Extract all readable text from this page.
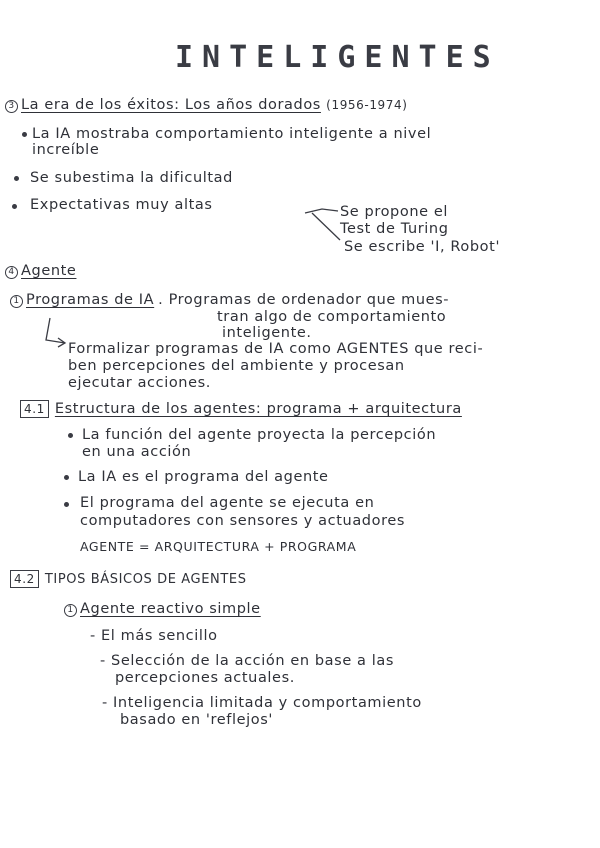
INTELIGENTES
3 La era de los éxitos: Los años dorados (1956-1974)
La IA mostraba comportamiento inteligente a nivel
increíble
Se subestima la dificultad
Expectativas muy altas	Se propone el
Test de Turing
Se escribe 'I, Robot'
4 Agente
1 Programas de IA . Programas de ordenador que mues-
tran algo de comportamiento
inteligente.
Formalizar programas de IA como AGENTES que reci-
ben percepciones del ambiente y procesan
ejecutar acciones.
4.1 Estructura de los agentes: programa + arquitectura
La función del agente proyecta la percepción
en una acción
La IA es el programa del agente
El programa del agente se ejecuta en
computadores con sensores y actuadores
AGENTE = ARQUITECTURA + PROGRAMA
4.2 TIPOS BÁSICOS DE AGENTES
1 Agente reactivo simple
- El más sencillo
- Selección de la acción en base a las
percepciones actuales.
- Inteligencia limitada y comportamiento
basado en 'reflejos'
